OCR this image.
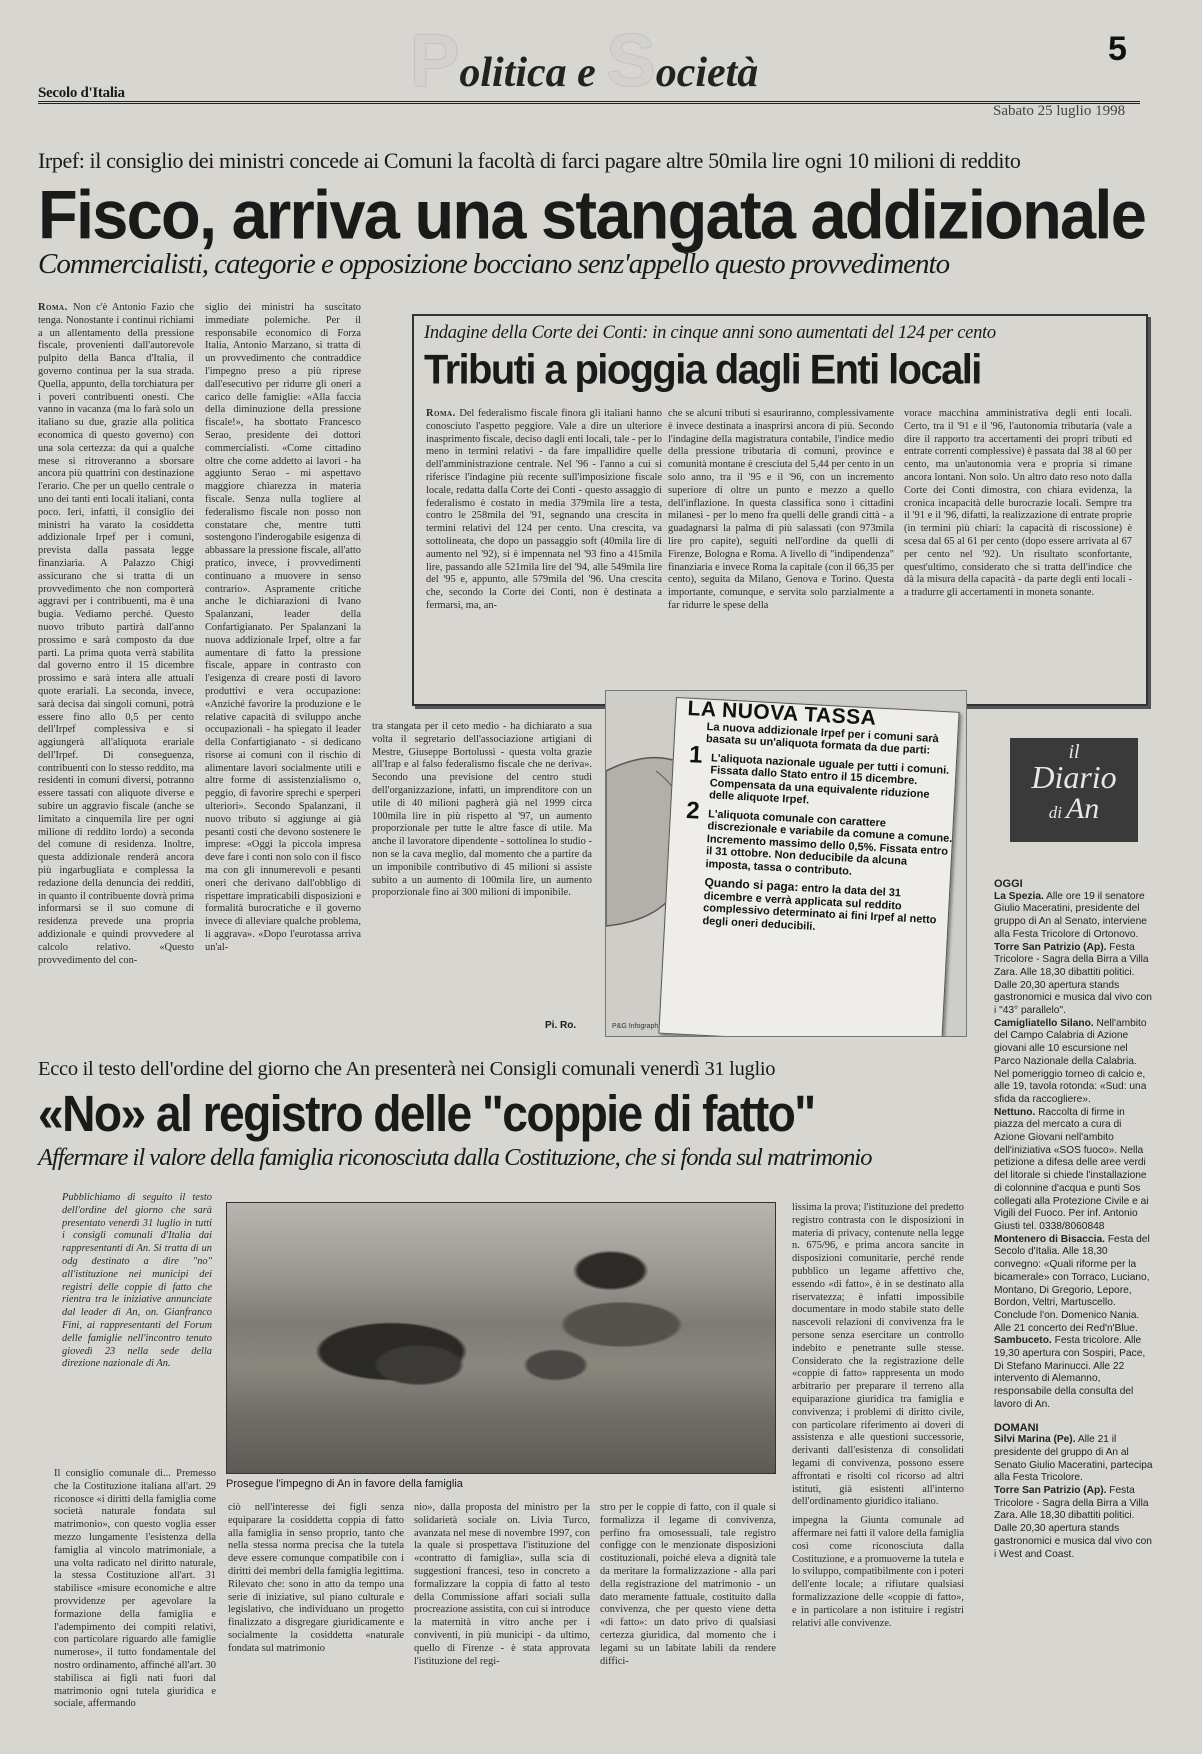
Politica e Società
5
Secolo d'Italia
Sabato 25 luglio 1998
Irpef: il consiglio dei ministri concede ai Comuni la facoltà di farci pagare altre 50mila lire ogni 10 milioni di reddito
Fisco, arriva una stangata addizionale
Commercialisti, categorie e opposizione bocciano senz'appello questo provvedimento
Roma. Non c'è Antonio Fazio che tenga. Nonostante i continui richiami a un allentamento della pressione fiscale, provenienti dall'autorevole pulpito della Banca d'Italia, il governo continua per la sua strada. Quella, appunto, della torchiatura per i poveri contribuenti onesti. Che vanno in vacanza (ma lo farà solo un italiano su due, grazie alla politica economica di questo governo) con una sola certezza: da qui a qualche mese si ritroveranno a sborsare ancora più quattrini con destinazione l'erario. Che per un quello centrale o uno dei tanti enti locali italiani, conta poco. Ieri, infatti, il consiglio dei ministri ha varato la cosiddetta addizionale Irpef per i comuni, prevista dalla passata legge finanziaria. A Palazzo Chigi assicurano che si tratta di un provvedimento che non comporterà aggravi per i contribuenti, ma è una bugia. Vediamo perché. Questo nuovo tributo partirà dall'anno prossimo e sarà composto da due parti. La prima quota verrà stabilita dal governo entro il 15 dicembre prossimo e sarà intera alle attuali quote erariali. La seconda, invece, sarà decisa dai singoli comuni, potrà essere fino allo 0,5 per cento dell'Irpef complessiva e si aggiungerà all'aliquota erariale dell'Irpef. Di conseguenza, contribuenti con lo stesso reddito, ma residenti in comuni diversi, potranno essere tassati con aliquote diverse e subire un aggravio fiscale (anche se limitato a cinquemila lire per ogni milione di reddito lordo) a seconda del comune di residenza. Inoltre, questa addizionale renderà ancora più ingarbugliata e complessa la redazione della denuncia dei redditi, in quanto il contribuente dovrà prima informarsi se il suo comune di residenza prevede una propria addizionale e quindi provvedere al calcolo relativo. «Questo provvedimento del con-
siglio dei ministri ha suscitato immediate polemiche. Per il responsabile economico di Forza Italia, Antonio Marzano, si tratta di un provvedimento che contraddice l'impegno preso a più riprese dall'esecutivo per ridurre gli oneri a carico delle famiglie: «Alla faccia della diminuzione della pressione fiscale!», ha sbottato Francesco Serao, presidente dei dottori commercialisti. «Come cittadino oltre che come addetto ai lavori - ha aggiunto Serao - mi aspettavo maggiore chiarezza in materia fiscale. Senza nulla togliere al federalismo fiscale non posso non constatare che, mentre tutti sostengono l'inderogabile esigenza di abbassare la pressione fiscale, all'atto pratico, invece, i provvedimenti continuano a muovere in senso contrario». Aspramente critiche anche le dichiarazioni di Ivano Spalanzani, leader della Confartigianato. Per Spalanzani la nuova addizionale Irpef, oltre a far aumentare di fatto la pressione fiscale, appare in contrasto con l'esigenza di creare posti di lavoro produttivi e vera occupazione: «Anziché favorire la produzione e le relative capacità di sviluppo anche occupazionali - ha spiegato il leader della Confartigianato - si dedicano risorse ai comuni con il rischio di alimentare lavori socialmente utili e altre forme di assistenzialismo o, peggio, di favorire sprechi e sperperi ulteriori». Secondo Spalanzani, il nuovo tributo si aggiunge ai già pesanti costi che devono sostenere le imprese: «Oggi la piccola impresa deve fare i conti non solo con il fisco ma con gli innumerevoli e pesanti oneri che derivano dall'obbligo di rispettare impraticabili disposizioni e formalità burocratiche e il governo invece di alleviare qualche problema, li aggrava». «Dopo l'eurotassa arriva un'al-
tra stangata per il ceto medio - ha dichiarato a sua volta il segretario dell'associazione artigiani di Mestre, Giuseppe Bortolussi - questa volta grazie all'Irap e al falso federalismo fiscale che ne deriva». Secondo una previsione del centro studi dell'organizzazione, infatti, un imprenditore con un utile di 40 milioni pagherà già nel 1999 circa 100mila lire in più rispetto al '97, un aumento proporzionale per tutte le altre fasce di utile. Ma anche il lavoratore dipendente - sottolinea lo studio - non se la cava meglio, dal momento che a partire da un imponibile contributivo di 45 milioni si assiste subito a un aumento di 100mila lire, un aumento proporzionale fino ai 300 milioni di imponibile.
Pi. Ro.
Indagine della Corte dei Conti: in cinque anni sono aumentati del 124 per cento
Tributi a pioggia dagli Enti locali
Roma. Del federalismo fiscale finora gli italiani hanno conosciuto l'aspetto peggiore. Vale a dire un ulteriore inasprimento fiscale, deciso dagli enti locali, tale - per lo meno in termini relativi - da fare impallidire quelle dell'amministrazione centrale. Nel '96 - l'anno a cui si riferisce l'indagine più recente sull'imposizione fiscale locale, redatta dalla Corte dei Conti - questo assaggio di federalismo è costato in media 379mila lire a testa, contro le 258mila del '91, segnando una crescita in termini relativi del 124 per cento. Una crescita, va sottolineata, che dopo un passaggio soft (40mila lire di aumento nel '92), si è impennata nel '93 fino a 415mila lire, passando alle 521mila lire del '94, alle 549mila lire del '95 e, appunto, alle 579mila del '96. Una crescita che, secondo la Corte dei Conti, non è destinata a fermarsi, ma, an-
che se alcuni tributi si esauriranno, complessivamente è invece destinata a inasprirsi ancora di più. Secondo l'indagine della magistratura contabile, l'indice medio della pressione tributaria di comuni, province e comunità montane è cresciuta del 5,44 per cento in un solo anno, tra il '95 e il '96, con un incremento superiore di oltre un punto e mezzo a quello dell'inflazione. In questa classifica sono i cittadini milanesi - per lo meno fra quelli delle grandi città - a guadagnarsi la palma di più salassati (con 973mila lire pro capite), seguiti nell'ordine da quelli di Firenze, Bologna e Roma. A livello di "indipendenza" finanziaria e invece Roma la capitale (con il 66,35 per cento), seguita da Milano, Genova e Torino. Questa importante, comunque, e servita solo parzialmente a far ridurre le spese della
vorace macchina amministrativa degli enti locali. Certo, tra il '91 e il '96, l'autonomia tributaria (vale a dire il rapporto tra accertamenti dei propri tributi ed entrate correnti complessive) è passata dal 38 al 60 per cento, ma un'autonomia vera e propria si rimane ancora lontani. Non solo. Un altro dato reso noto dalla Corte dei Conti dimostra, con chiara evidenza, la cronica incapacità delle burocrazie locali. Sempre tra il '91 e il '96, difatti, la realizzazione di entrate proprie (in termini più chiari: la capacità di riscossione) è scesa dal 65 al 61 per cento (dopo essere arrivata al 67 per cento nel '92). Un risultato sconfortante, quest'ultimo, considerato che si tratta dell'indice che dà la misura della capacità - da parte degli enti locali - a tradurre gli accertamenti in moneta sonante.
LA NUOVA TASSA
La nuova addizionale Irpef per i comuni sarà basata su un'aliquota formata da due parti:
1 L'aliquota nazionale uguale per tutti i comuni. Fissata dallo Stato entro il 15 dicembre. Compensata da una equivalente riduzione delle aliquote Irpef.
2 L'aliquota comunale con carattere discrezionale e variabile da comune a comune. Incremento massimo dello 0,5%. Fissata entro il 31 ottobre. Non deducibile da alcuna imposta, tassa o contributo.
Quando si paga: entro la data del 31 dicembre e verrà applicata sul reddito complessivo determinato ai fini Irpef al netto degli oneri deducibili.
P&G Infograph
il
Diario
di An
OGGI
La Spezia. Alle ore 19 il senatore Giulio Maceratini, presidente del gruppo di An al Senato, interviene alla Festa Tricolore di Ortonovo.
Torre San Patrizio (Ap). Festa Tricolore - Sagra della Birra a Villa Zara. Alle 18,30 dibattiti politici. Dalle 20,30 apertura stands gastronomici e musica dal vivo con i "43° parallelo".
Camigliatello Silano. Nell'ambito del Campo Calabria di Azione giovani alle 10 escursione nel Parco Nazionale della Calabria. Nel pomeriggio torneo di calcio e, alle 19, tavola rotonda: «Sud: una sfida da raccogliere».
Nettuno. Raccolta di firme in piazza del mercato a cura di Azione Giovani nell'ambito dell'iniziativa «SOS fuoco». Nella petizione a difesa delle aree verdi del litorale si chiede l'installazione di colonnine d'acqua e punti Sos collegati alla Protezione Civile e ai Vigili del Fuoco. Per inf. Antonio Giusti tel. 0338/8060848
Montenero di Bisaccia. Festa del Secolo d'Italia. Alle 18,30 convegno: «Quali riforme per la bicamerale» con Torraco, Luciano, Montano, Di Gregorio, Lepore, Bordon, Veltri, Martuscello. Conclude l'on. Domenico Nania. Alle 21 concerto dei Red'n'Blue.
Sambuceto. Festa tricolore. Alle 19,30 apertura con Sospiri, Pace, Di Stefano Marinucci. Alle 22 intervento di Alemanno, responsabile della consulta del lavoro di An.
DOMANI
Silvi Marina (Pe). Alle 21 il presidente del gruppo di An al Senato Giulio Maceratini, partecipa alla Festa Tricolore.
Torre San Patrizio (Ap). Festa Tricolore - Sagra della Birra a Villa Zara. Alle 18,30 dibattiti politici. Dalle 20,30 apertura stands gastronomici e musica dal vivo con i West and Coast.
Ecco il testo dell'ordine del giorno che An presenterà nei Consigli comunali venerdì 31 luglio
«No» al registro delle "coppie di fatto"
Affermare il valore della famiglia riconosciuta dalla Costituzione, che si fonda sul matrimonio
Pubblichiamo di seguito il testo dell'ordine del giorno che sarà presentato venerdì 31 luglio in tutti i consigli comunali d'Italia dai rappresentanti di An. Si tratta di un odg destinato a dire "no" all'istituzione nei municipi dei registri delle coppie di fatto che rientra tra le iniziative annunciate dal leader di An, on. Gianfranco Fini, ai rappresentanti del Forum delle famiglie nell'incontro tenuto giovedì 23 nella sede della direzione nazionale di An.
Il consiglio comunale di... Premesso che la Costituzione italiana all'art. 29 riconosce «i diritti della famiglia come società naturale fondata sul matrimonio», con questo voglia esser mezzo lungamente l'esistenza della famiglia al vincolo matrimoniale, a una volta radicato nel diritto naturale, la stessa Costituzione all'art. 31 stabilisce «misure economiche e altre provvidenze per agevolare la formazione della famiglia e l'adempimento dei compiti relativi, con particolare riguardo alle famiglie numerose», il tutto fondamentale del nostro ordinamento, affinché all'art. 30 stabilisca ai figli nati fuori dal matrimonio ogni tutela giuridica e sociale, affermando
Prosegue l'impegno di An in favore della famiglia
ciò nell'interesse dei figli senza equiparare la cosiddetta coppia di fatto alla famiglia in senso proprio, tanto che nella stessa norma precisa che la tutela deve essere comunque compatibile con i diritti dei membri della famiglia legittima. Rilevato che: sono in atto da tempo una serie di iniziative, sul piano culturale e legislativo, che individuano un progetto finalizzato a disgregare giuridicamente e socialmente la cosiddetta «naturale fondata sul matrimonio
nio», dalla proposta del ministro per la solidarietà sociale on. Livia Turco, avanzata nel mese di novembre 1997, con la quale si prospettava l'istituzione del «contratto di famiglia», sulla scia di suggestioni francesi, teso in concreto a formalizzare la coppia di fatto al testo della Commissione affari sociali sulla procreazione assistita, con cui si introduce la maternità in vitro anche per i conviventi, in più municipi - da ultimo, quello di Firenze - è stata approvata l'istituzione del regi-
stro per le coppie di fatto, con il quale si formalizza il legame di convivenza, perfino fra omosessuali, tale registro configge con le menzionate disposizioni costituzionali, poiché eleva a dignità tale da meritare la formalizzazione - alla pari della registrazione del matrimonio - un dato meramente fattuale, costituito dalla convivenza, che per questo viene detta «di fatto»: un dato privo di qualsiasi certezza giuridica, dal momento che i legami su un labitate labili da rendere diffici-
lissima la prova; l'istituzione del predetto registro contrasta con le disposizioni in materia di privacy, contenute nella legge n. 675/96, e prima ancora sancite in disposizioni comunitarie, perché rende pubblico un legame affettivo che, essendo «di fatto», è in se destinato alla riservatezza; è infatti impossibile documentare in modo stabile stato delle nascevoli relazioni di convivenza fra le persone senza esercitare un controllo indebito e penetrante sulle stesse. Considerato che la registrazione delle «coppie di fatto» rappresenta un modo arbitrario per preparare il terreno alla equiparazione giuridica tra famiglia e convivenza; i problemi di diritto civile, con particolare riferimento ai doveri di assistenza e alle questioni successorie, derivanti dall'esistenza di consolidati legami di convivenza, possono essere affrontati e risolti col ricorso ad altri istituti, già esistenti all'interno dell'ordinamento giuridico italiano.

impegna la Giunta comunale ad affermare nei fatti il valore della famiglia così come riconosciuta dalla Costituzione, e a promuoverne la tutela e lo sviluppo, compatibilmente con i poteri dell'ente locale; a rifiutare qualsiasi formalizzazione delle «coppie di fatto», e in particolare a non istituire i registri relativi alle convivenze.
